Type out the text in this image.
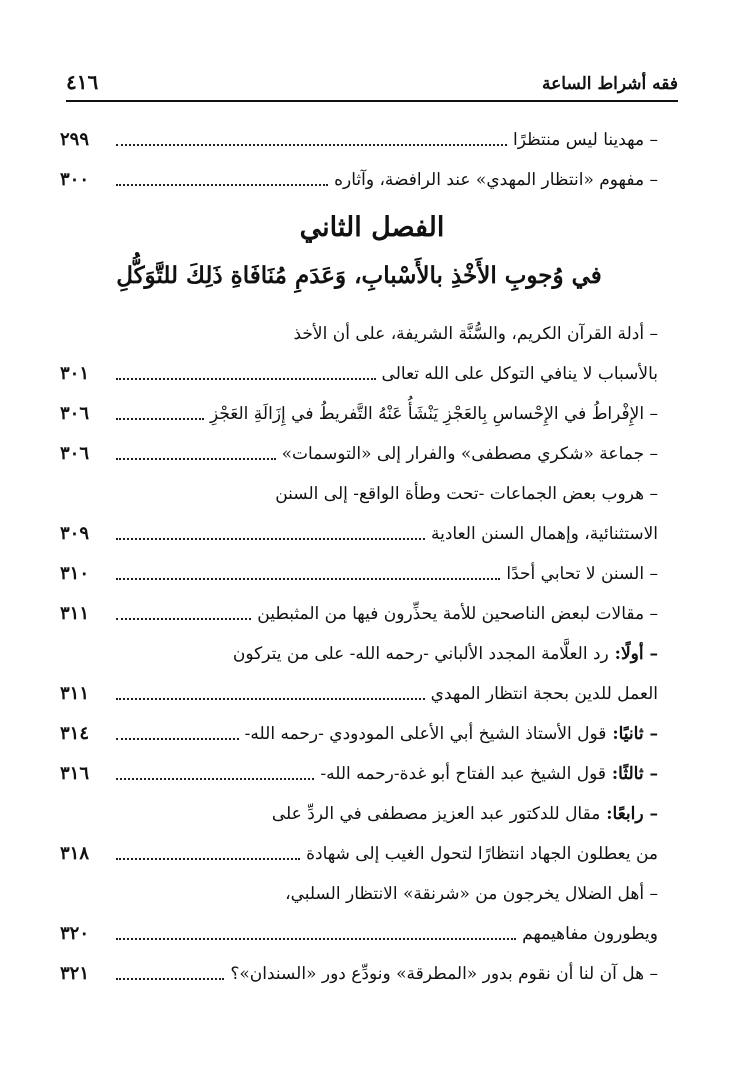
٤١٦	فقه أشراط الساعة
الفصل الثاني
في وُجوبِ الأَخْذِ بالأَسْبابِ، وَعَدَمِ مُنَافَاةِ ذَلِكَ للتَّوَكُّلِ
– مهدينا ليس منتظرًا
٢٩٩
– مفهوم «انتظار المهدي» عند الرافضة، وآثاره
٣٠٠
– أدلة القرآن الكريم، والسُّنَّة الشريفة، على أن الأخذ
بالأسباب لا ينافي التوكل على الله تعالى
٣٠١
– الإِفْراطُ في الإِحْساسِ بِالعَجْزِ يَنْشَأُ عَنْهُ التَّفريطُ في إِزَالَةِ العَجْزِ
٣٠٦
– جماعة «شكري مصطفى» والفرار إلى «التوسمات»
٣٠٦
– هروب بعض الجماعات -تحت وطأة الواقع- إلى السنن
الاستثنائية، وإهمال السنن العادية
٣٠٩
– السنن لا تحابي أحدًا
٣١٠
– مقالات لبعض الناصحين للأمة يحذِّرون فيها من المثبطين
٣١١
– أولًا: رد العلَّامة المجدد الألباني -رحمه الله- على من يتركون
العمل للدين بحجة انتظار المهدي
٣١١
– ثانيًا: قول الأستاذ الشيخ أبي الأعلى المودودي -رحمه الله-
٣١٤
– ثالثًا: قول الشيخ عبد الفتاح أبو غدة-رحمه الله-
٣١٦
– رابعًا: مقال للدكتور عبد العزيز مصطفى في الردِّ على
من يعطلون الجهاد انتظارًا لتحول الغيب إلى شهادة
٣١٨
– أهل الضلال يخرجون من «شرنقة» الانتظار السلبي،
ويطورون مفاهيمهم
٣٢٠
– هل آن لنا أن نقوم بدور «المطرقة» ونودِّع دور «السندان»؟
٣٢١
